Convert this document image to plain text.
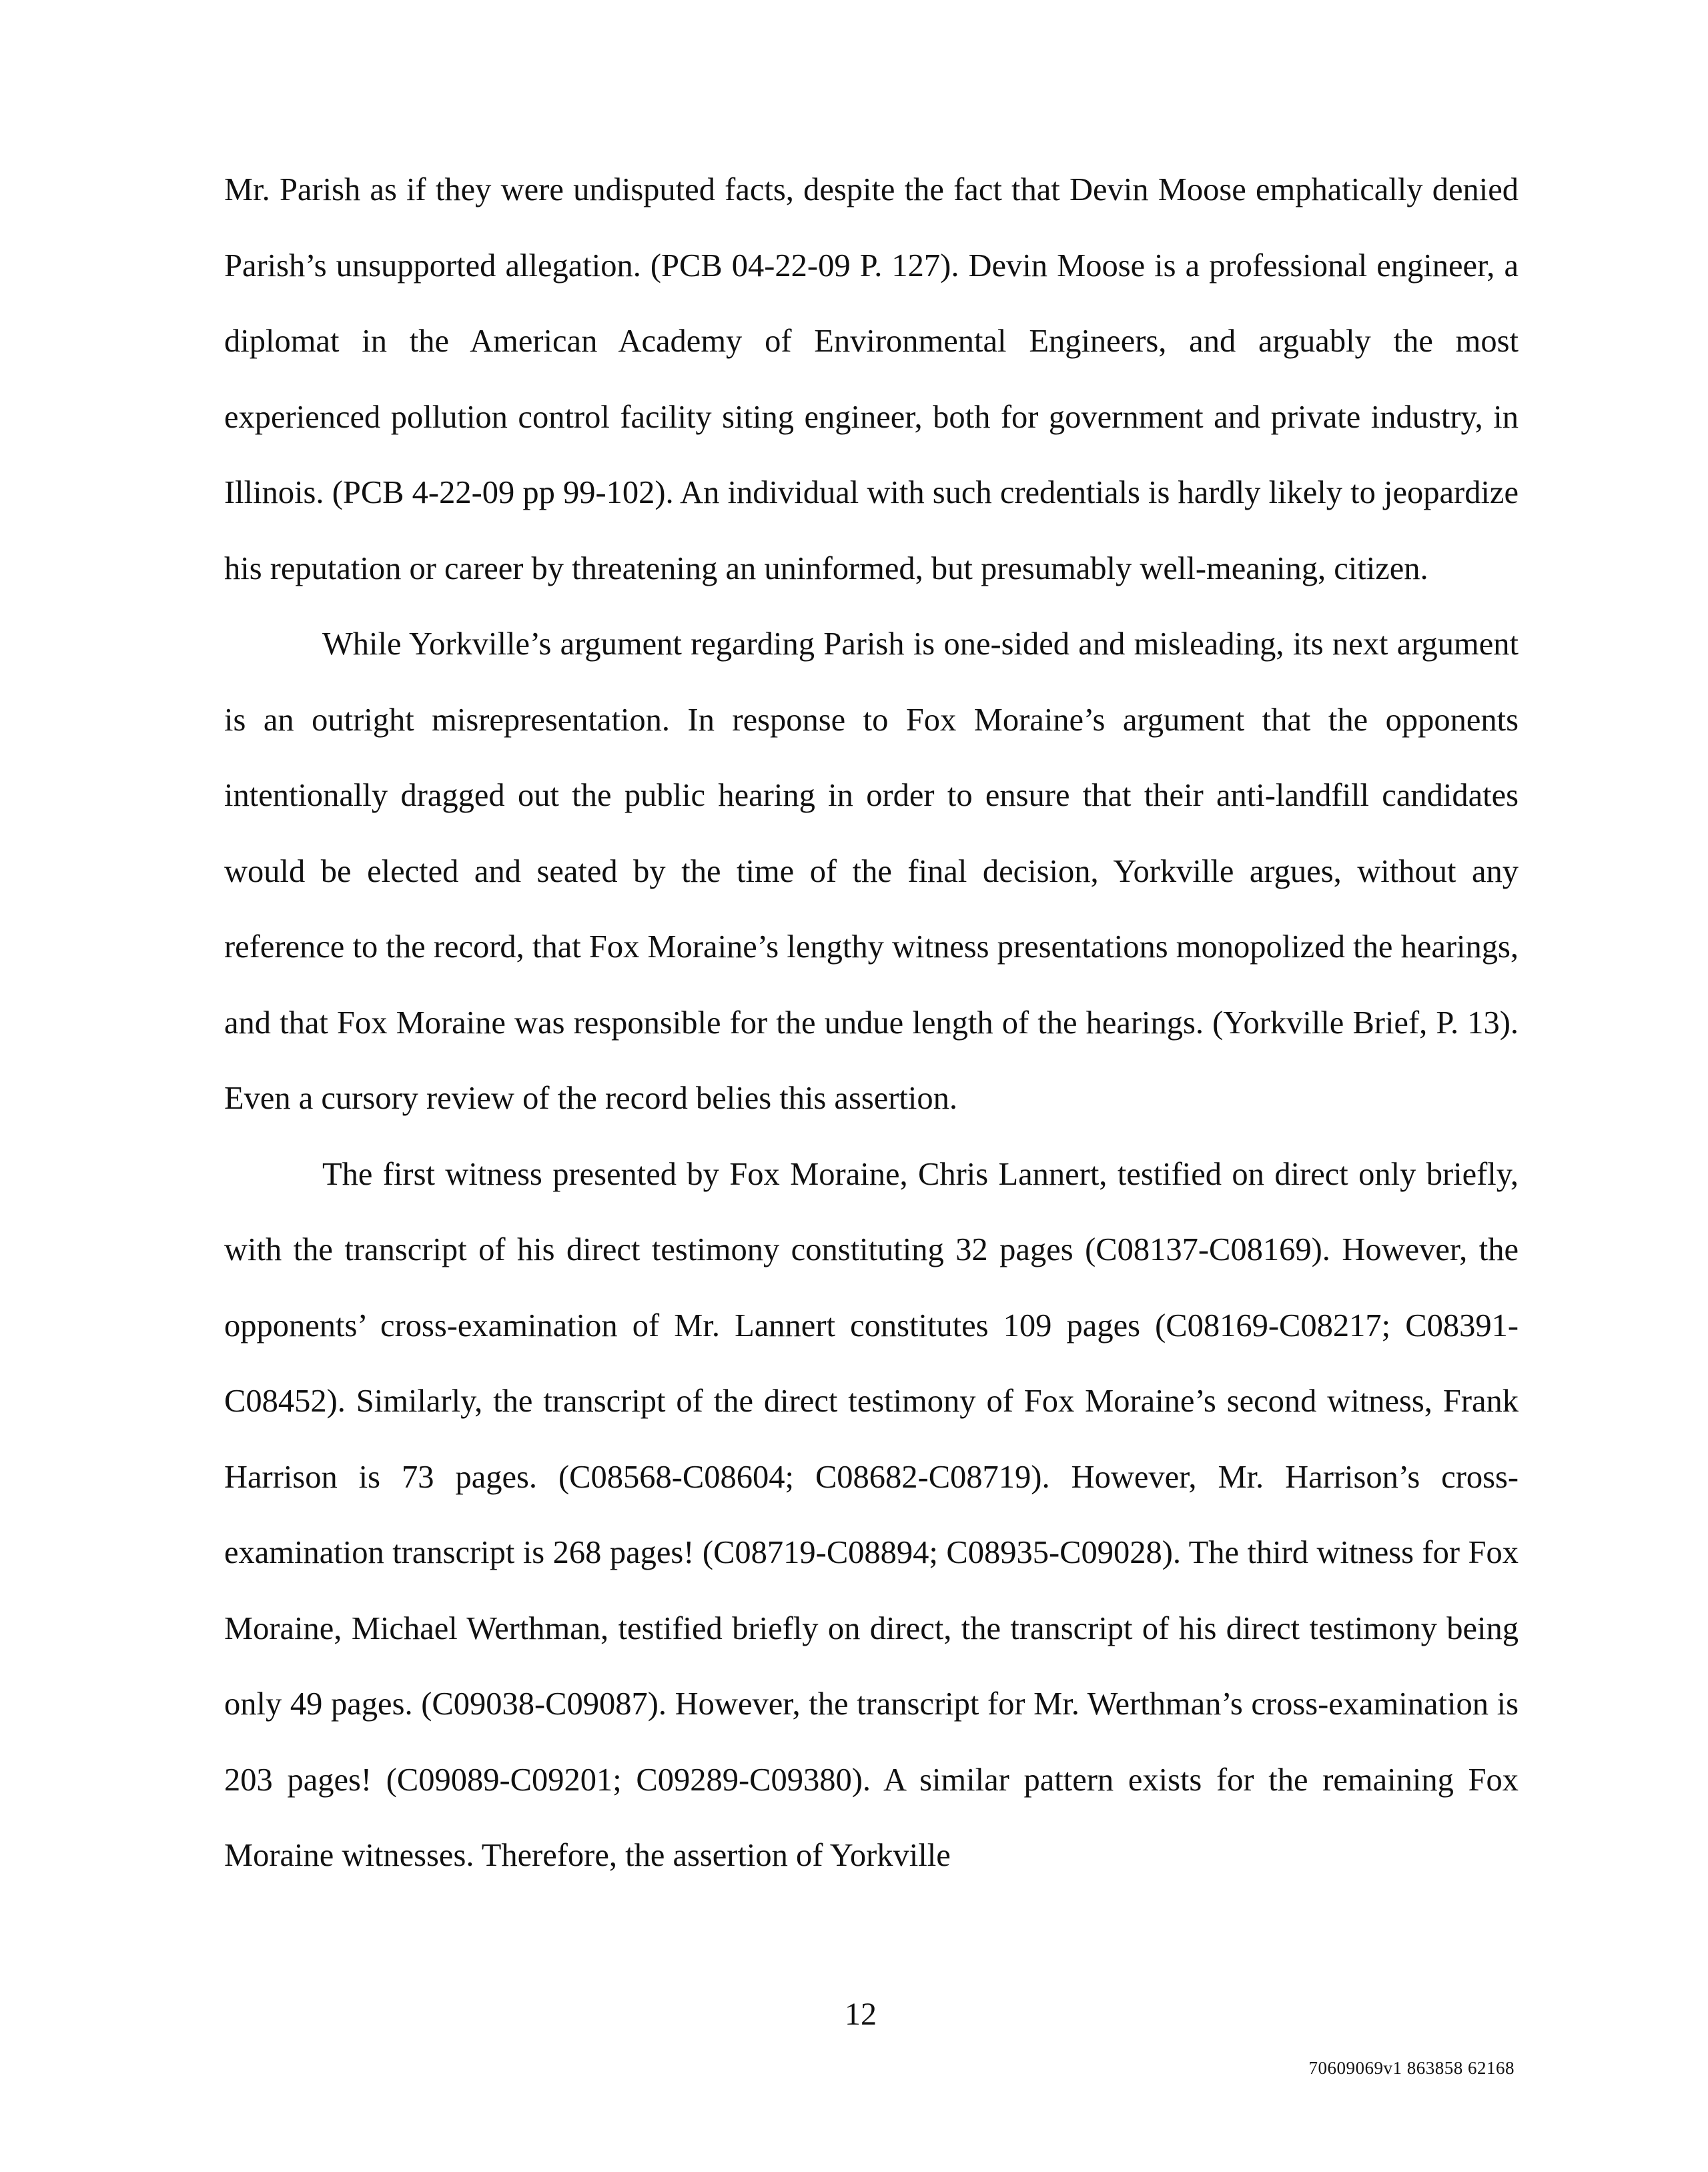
Mr. Parish as if they were undisputed facts, despite the fact that Devin Moose emphatically denied Parish’s unsupported allegation. (PCB 04-22-09 P. 127). Devin Moose is a professional engineer, a diplomat in the American Academy of Environmental Engineers, and arguably the most experienced pollution control facility siting engineer, both for government and private industry, in Illinois. (PCB 4-22-09 pp 99-102). An individual with such credentials is hardly likely to jeopardize his reputation or career by threatening an uninformed, but presumably well-meaning, citizen.

While Yorkville’s argument regarding Parish is one-sided and misleading, its next argument is an outright misrepresentation. In response to Fox Moraine’s argument that the opponents intentionally dragged out the public hearing in order to ensure that their anti-landfill candidates would be elected and seated by the time of the final decision, Yorkville argues, without any reference to the record, that Fox Moraine’s lengthy witness presentations monopolized the hearings, and that Fox Moraine was responsible for the undue length of the hearings. (Yorkville Brief, P. 13). Even a cursory review of the record belies this assertion.

The first witness presented by Fox Moraine, Chris Lannert, testified on direct only briefly, with the transcript of his direct testimony constituting 32 pages (C08137-C08169). However, the opponents’ cross-examination of Mr. Lannert constitutes 109 pages (C08169-C08217; C08391-C08452). Similarly, the transcript of the direct testimony of Fox Moraine’s second witness, Frank Harrison is 73 pages. (C08568-C08604; C08682-C08719). However, Mr. Harrison’s cross-examination transcript is 268 pages! (C08719-C08894; C08935-C09028). The third witness for Fox Moraine, Michael Werthman, testified briefly on direct, the transcript of his direct testimony being only 49 pages. (C09038-C09087). However, the transcript for Mr. Werthman’s cross-examination is 203 pages! (C09089-C09201; C09289-C09380). A similar pattern exists for the remaining Fox Moraine witnesses. Therefore, the assertion of Yorkville

12
70609069v1 863858 62168
